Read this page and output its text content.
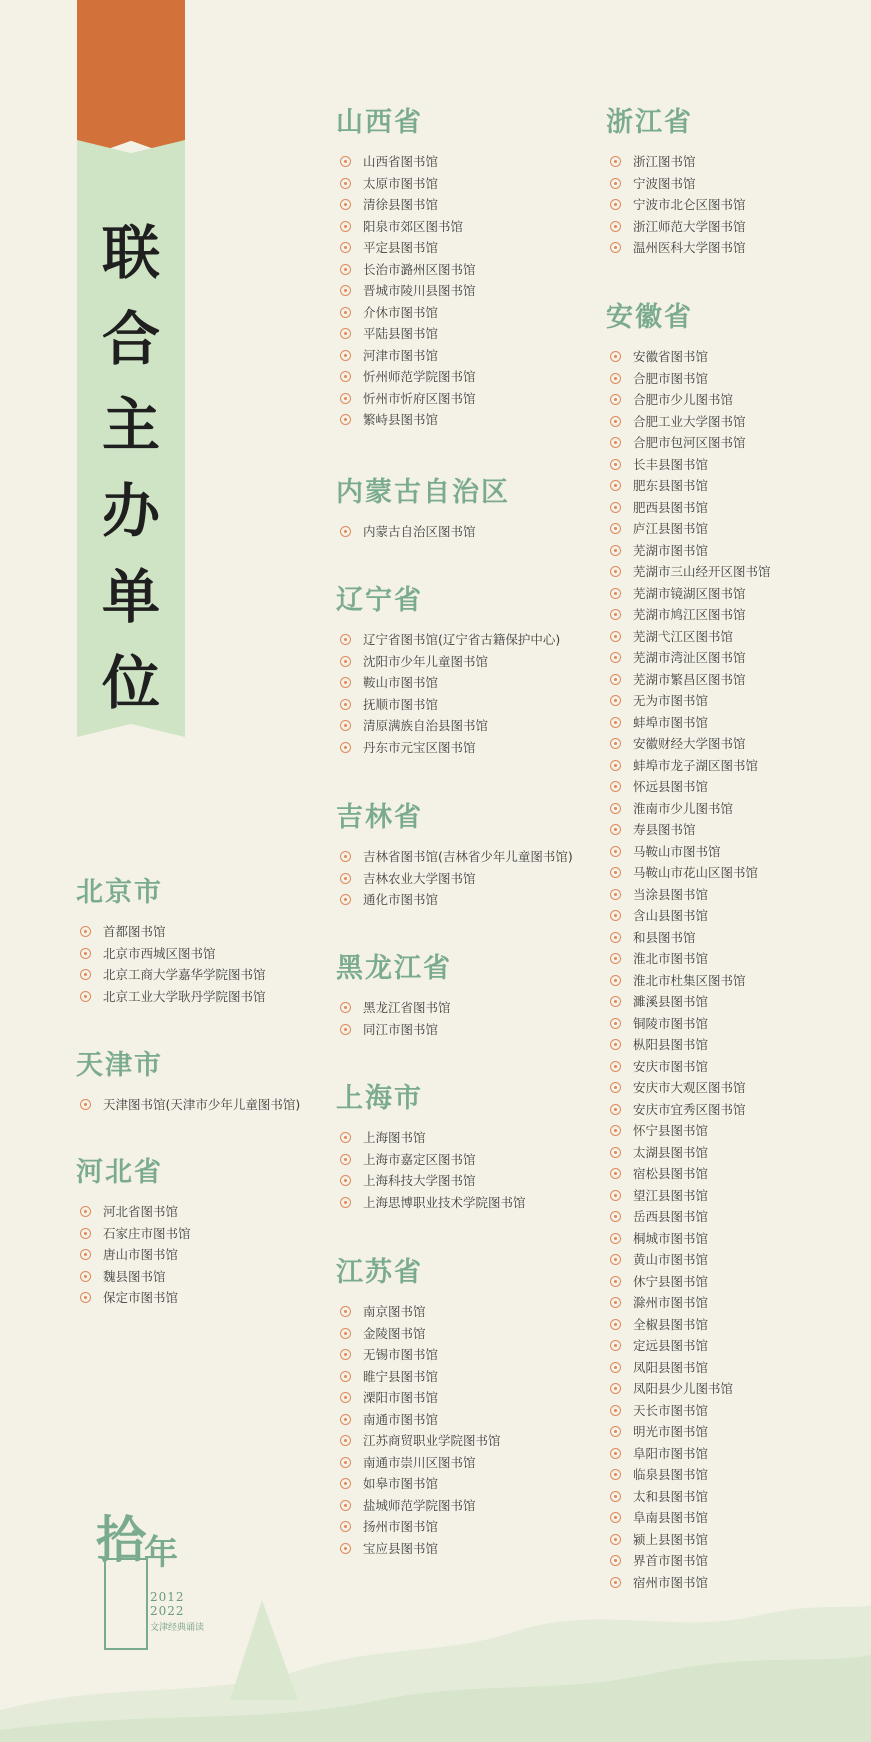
联
合
主
办
单
位
北京市
首都图书馆
北京市西城区图书馆
北京工商大学嘉华学院图书馆
北京工业大学耿丹学院图书馆
天津市
天津图书馆(天津市少年儿童图书馆)
河北省
河北省图书馆
石家庄市图书馆
唐山市图书馆
魏县图书馆
保定市图书馆
山西省
山西省图书馆
太原市图书馆
清徐县图书馆
阳泉市郊区图书馆
平定县图书馆
长治市潞州区图书馆
晋城市陵川县图书馆
介休市图书馆
平陆县图书馆
河津市图书馆
忻州师范学院图书馆
忻州市忻府区图书馆
繁峙县图书馆
内蒙古自治区
内蒙古自治区图书馆
辽宁省
辽宁省图书馆(辽宁省古籍保护中心)
沈阳市少年儿童图书馆
鞍山市图书馆
抚顺市图书馆
清原满族自治县图书馆
丹东市元宝区图书馆
吉林省
吉林省图书馆(吉林省少年儿童图书馆)
吉林农业大学图书馆
通化市图书馆
黑龙江省
黑龙江省图书馆
同江市图书馆
上海市
上海图书馆
上海市嘉定区图书馆
上海科技大学图书馆
上海思博职业技术学院图书馆
江苏省
南京图书馆
金陵图书馆
无锡市图书馆
睢宁县图书馆
溧阳市图书馆
南通市图书馆
江苏商贸职业学院图书馆
南通市崇川区图书馆
如皋市图书馆
盐城师范学院图书馆
扬州市图书馆
宝应县图书馆
浙江省
浙江图书馆
宁波图书馆
宁波市北仑区图书馆
浙江师范大学图书馆
温州医科大学图书馆
安徽省
安徽省图书馆
合肥市图书馆
合肥市少儿图书馆
合肥工业大学图书馆
合肥市包河区图书馆
长丰县图书馆
肥东县图书馆
肥西县图书馆
庐江县图书馆
芜湖市图书馆
芜湖市三山经开区图书馆
芜湖市镜湖区图书馆
芜湖市鸠江区图书馆
芜湖弋江区图书馆
芜湖市湾沚区图书馆
芜湖市繁昌区图书馆
无为市图书馆
蚌埠市图书馆
安徽财经大学图书馆
蚌埠市龙子湖区图书馆
怀远县图书馆
淮南市少儿图书馆
寿县图书馆
马鞍山市图书馆
马鞍山市花山区图书馆
当涂县图书馆
含山县图书馆
和县图书馆
淮北市图书馆
淮北市杜集区图书馆
濉溪县图书馆
铜陵市图书馆
枞阳县图书馆
安庆市图书馆
安庆市大观区图书馆
安庆市宜秀区图书馆
怀宁县图书馆
太湖县图书馆
宿松县图书馆
望江县图书馆
岳西县图书馆
桐城市图书馆
黄山市图书馆
休宁县图书馆
滁州市图书馆
全椒县图书馆
定远县图书馆
凤阳县图书馆
凤阳县少儿图书馆
天长市图书馆
明光市图书馆
阜阳市图书馆
临泉县图书馆
太和县图书馆
阜南县图书馆
颍上县图书馆
界首市图书馆
宿州市图书馆
拾
年
2012
2022
文津经典诵读
